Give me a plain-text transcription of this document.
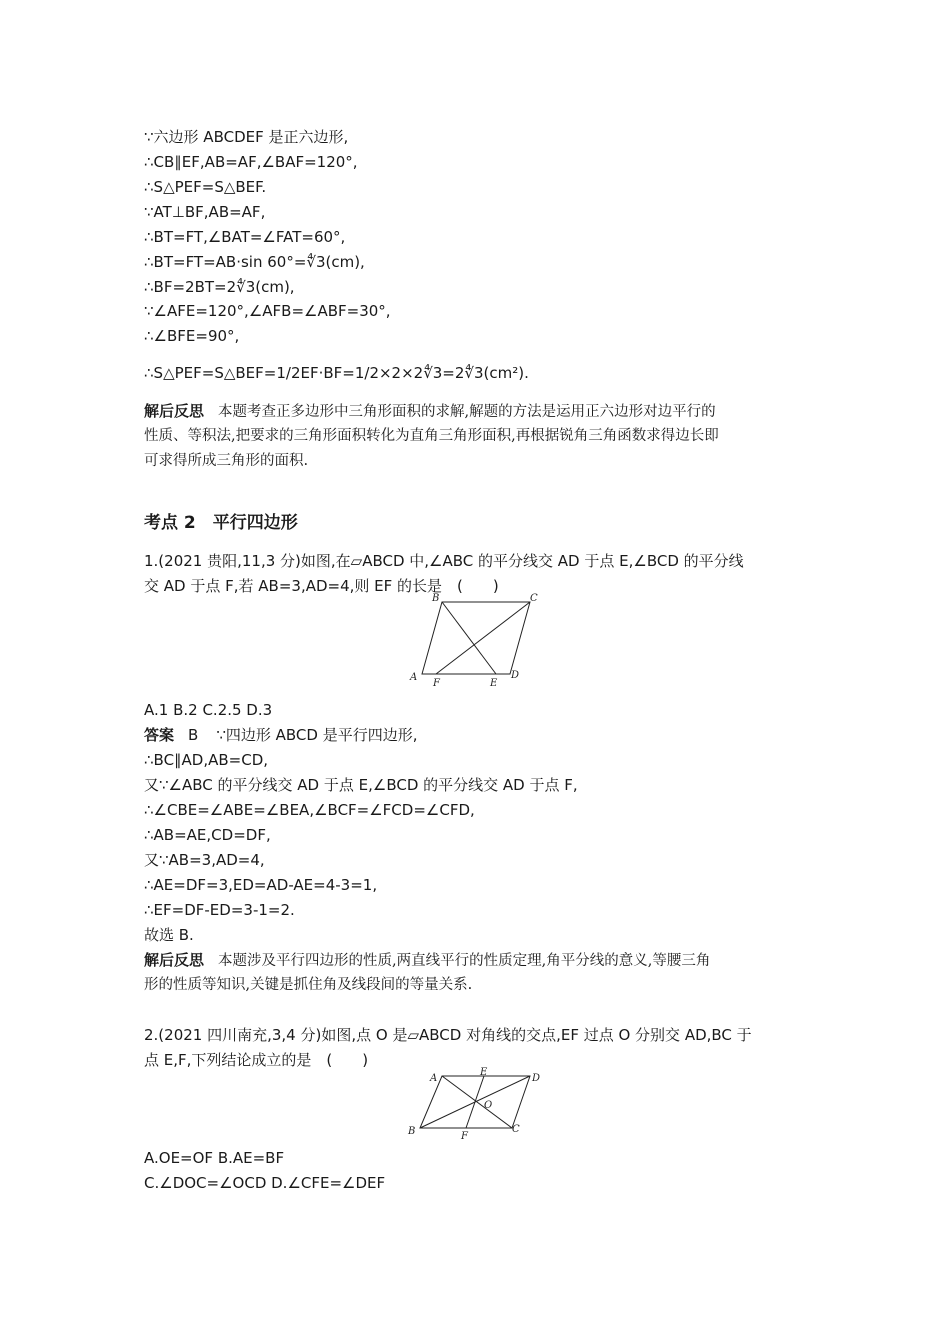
∵六边形 ABCDEF 是正六边形,
∴CB∥EF,AB=AF,∠BAF=120°,
∴S△PEF=S△BEF.
∵AT⊥BF,AB=AF,
∴BT=FT,∠BAT=∠FAT=60°,
∴BT=FT=AB·sin 60°=∜3(cm),
∴BF=2BT=2∜3(cm),
∵∠AFE=120°,∠AFB=∠ABF=30°,
∴∠BFE=90°,
∴S△PEF=S△BEF=1/2EF·BF=1/2×2×2∜3=2∜3(cm²).
解后反思 本题考查正多边形中三角形面积的求解,解题的方法是运用正六边形对边平行的
性质、等积法,把要求的三角形面积转化为直角三角形面积,再根据锐角三角函数求得边长即
可求得所成三角形的面积.
考点 2　平行四边形
1.(2021 贵阳,11,3 分)如图,在▱ABCD 中,∠ABC 的平分线交 AD 于点 E,∠BCD 的平分线
交 AD 于点 F,若 AB=3,AD=4,则 EF 的长是　(　　)
A
B	C
D
E
F
A.1 B.2 C.2.5 D.3
答案 B ∵四边形 ABCD 是平行四边形,
∴BC∥AD,AB=CD,
又∵∠ABC 的平分线交 AD 于点 E,∠BCD 的平分线交 AD 于点 F,
∴∠CBE=∠ABE=∠BEA,∠BCF=∠FCD=∠CFD,
∴AB=AE,CD=DF,
又∵AB=3,AD=4,
∴AE=DF=3,ED=AD-AE=4-3=1,
∴EF=DF-ED=3-1=2.
故选 B.
解后反思 本题涉及平行四边形的性质,两直线平行的性质定理,角平分线的意义,等腰三角
形的性质等知识,关键是抓住角及线段间的等量关系.
2.(2021 四川南充,3,4 分)如图,点 O 是▱ABCD 对角线的交点,EF 过点 O 分别交 AD,BC 于
点 E,F,下列结论成立的是　(　　)
A
B	C
D
E
F
O
A.OE=OF B.AE=BF
C.∠DOC=∠OCD D.∠CFE=∠DEF
